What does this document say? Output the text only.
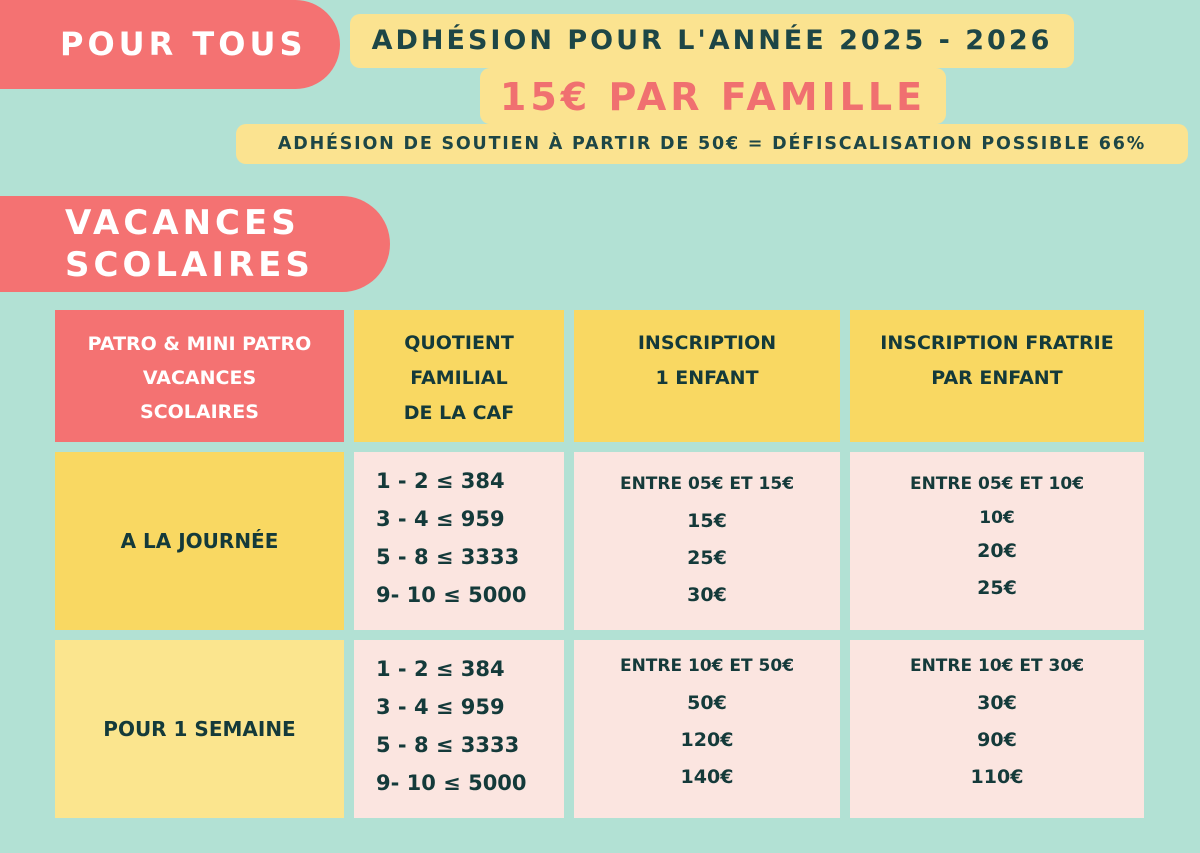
POUR TOUS
VACANCES
SCOLAIRES
ADHÉSION POUR L'ANNÉE 2025 - 2026
15€ PAR FAMILLE
ADHÉSION DE SOUTIEN À PARTIR DE 50€ = DÉFISCALISATION POSSIBLE 66%
PATRO & MINI PATRO
VACANCES
SCOLAIRES
QUOTIENT
FAMILIAL
DE LA CAF
INSCRIPTION
1 ENFANT
INSCRIPTION FRATRIE
PAR ENFANT
A LA JOURNÉE
1 - 2 ≤ 384
3 - 4 ≤ 959
5 - 8 ≤ 3333
9- 10 ≤ 5000
ENTRE 05€ ET 15€
15€
25€
30€
ENTRE 05€ ET 10€
10€
20€
25€
POUR 1 SEMAINE
1 - 2 ≤ 384
3 - 4 ≤ 959
5 - 8 ≤ 3333
9- 10 ≤ 5000
ENTRE 10€ ET 50€
50€
120€
140€
ENTRE 10€ ET 30€
30€
90€
110€
